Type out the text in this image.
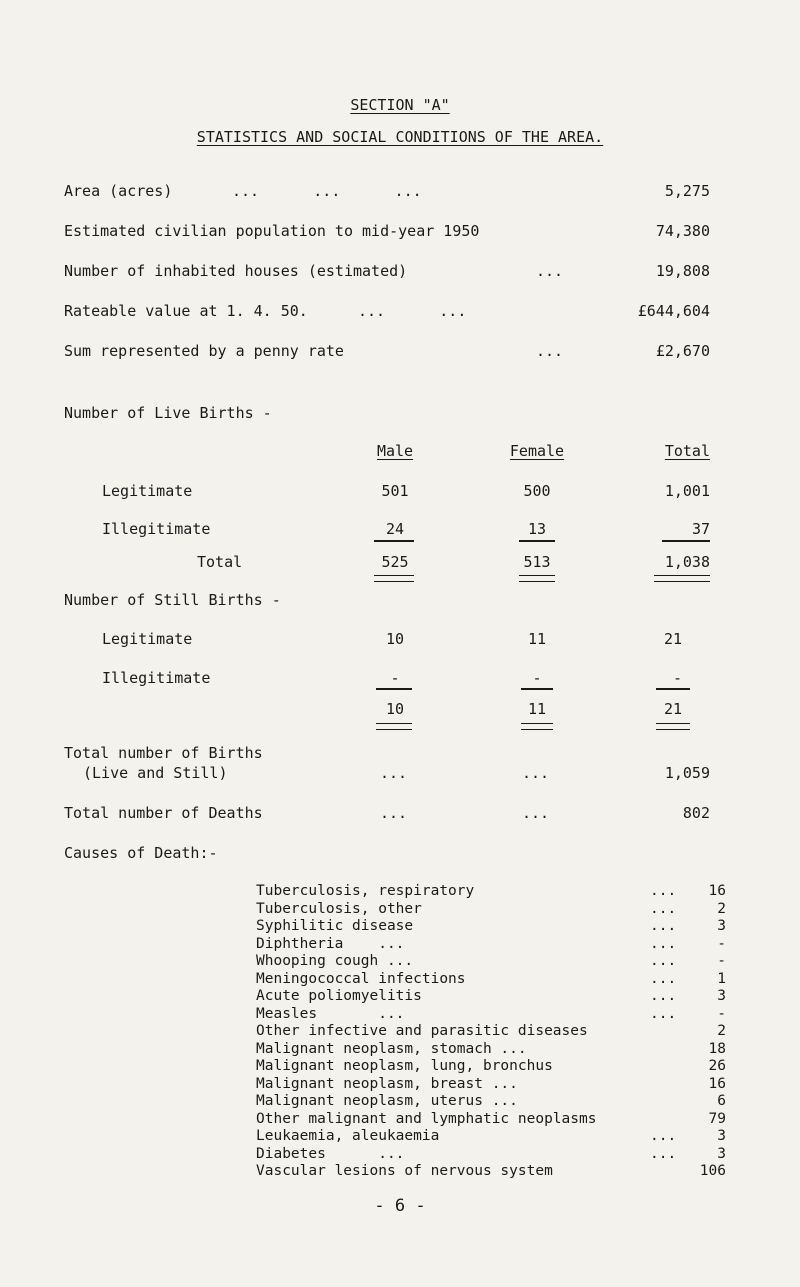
SECTION "A"
STATISTICS AND SOCIAL CONDITIONS OF THE AREA.
Area (acres)	...      ...      ...	5,275
Estimated civilian population to mid-year 1950	74,380
Number of inhabited houses (estimated)	...	19,808
Rateable value at 1. 4. 50.	...      ...	£644,604
Sum represented by a penny rate	...	£2,670
Number of Live Births -
Male	Female	Total
Legitimate	501	500	1,001
Illegitimate	24	13	37
Total	525	513	1,038
Number of Still Births -
Legitimate	10	11	21
Illegitimate	-	-	-
10	11	21
Total number of Births
(Live and Still)	...	...	1,059
Total number of Deaths	...	...	802
Causes of Death:-
Tuberculosis, respiratory	...	16
Tuberculosis, other	...	2
Syphilitic disease	...	3
Diphtheria    ...	...	-
Whooping cough ...	...	-
Meningococcal infections	...	1
Acute poliomyelitis	...	3
Measles       ...	...	-
Other infective and parasitic diseases	2
Malignant neoplasm, stomach ...	18
Malignant neoplasm, lung, bronchus	26
Malignant neoplasm, breast ...	16
Malignant neoplasm, uterus ...	6
Other malignant and lymphatic neoplasms	79
Leukaemia, aleukaemia	...	3
Diabetes      ...	...	3
Vascular lesions of nervous system	106
- 6 -
